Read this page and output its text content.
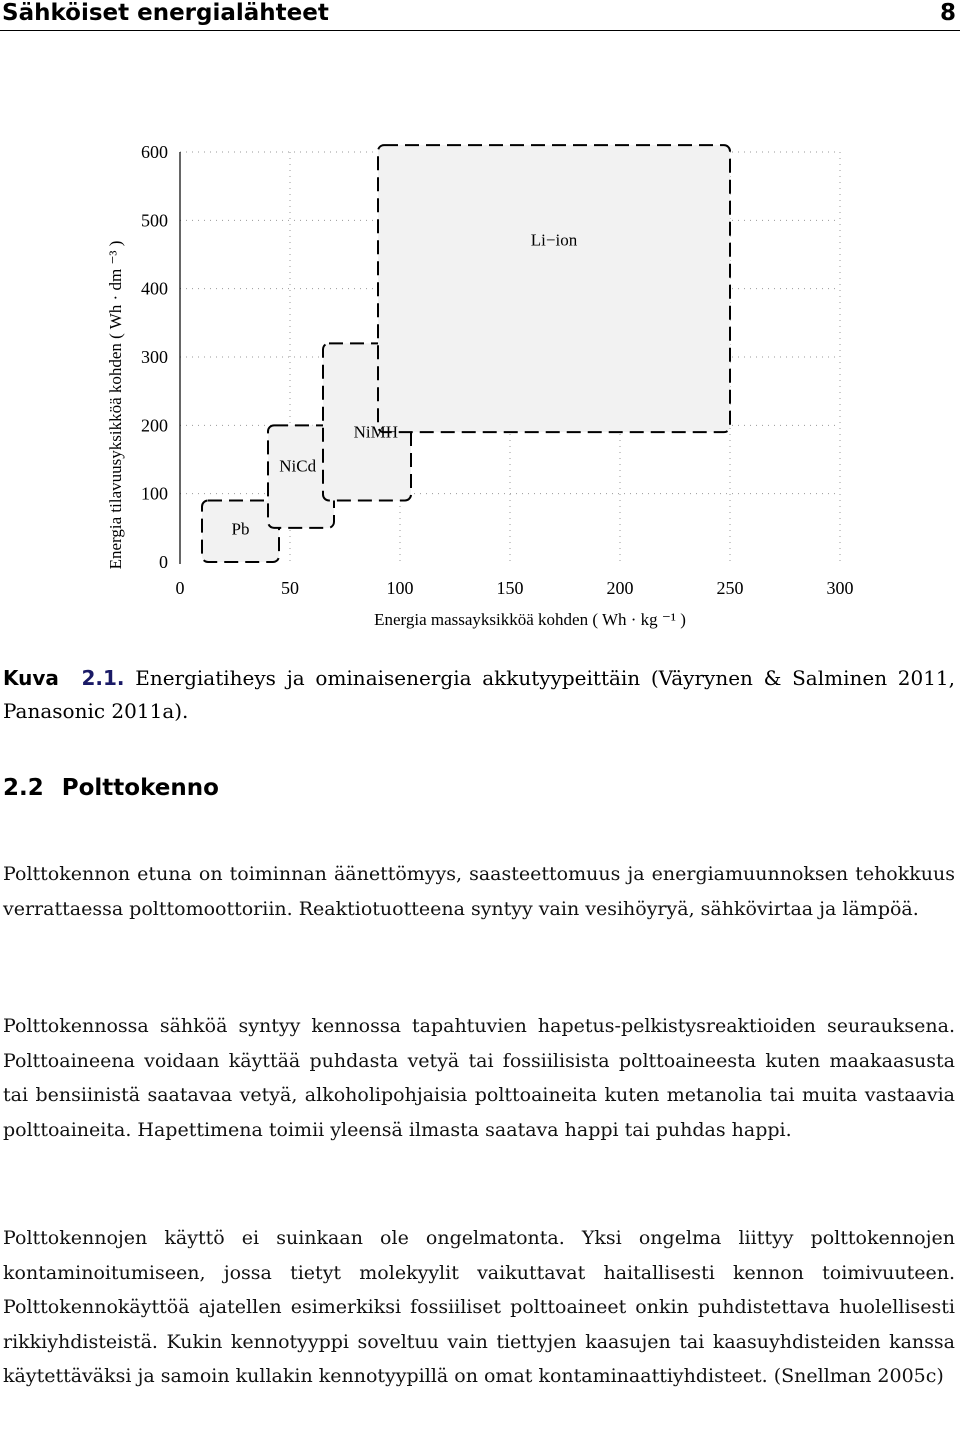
Sähköiset energialähteet	8
Pb
NiCd
NiMH
Li−ion
0	50	100	150	200	250	300
0
100
200
300
400
500
600
Energia massayksikköä kohden ( Wh · kg ⁻¹ )
Energia tilavuusyksikköä kohden ( Wh · dm ⁻³ )
Kuva 2.1. Energiatiheys ja ominaisenergia akkutyypeittäin (Väyrynen & Salminen 2011, Panasonic 2011a).
2.2 Polttokenno

Polttokennon etuna on toiminnan äänettömyys, saasteettomuus ja energiamuunnoksen tehokkuus verrattaessa polttomoottoriin. Reaktiotuotteena syntyy vain vesihöyryä, sähkövirtaa ja lämpöä.

Polttokennossa sähköä syntyy kennossa tapahtuvien hapetus-pelkistysreaktioiden seurauksena. Polttoaineena voidaan käyttää puhdasta vetyä tai fossiilisista polttoaineesta kuten maakaasusta tai bensiinistä saatavaa vetyä, alkoholipohjaisia polttoaineita kuten metanolia tai muita vastaavia polttoaineita. Hapettimena toimii yleensä ilmasta saatava happi tai puhdas happi.

Polttokennojen käyttö ei suinkaan ole ongelmatonta. Yksi ongelma liittyy polttokennojen kontaminoitumiseen, jossa tietyt molekyylit vaikuttavat haitallisesti kennon toimivuuteen. Polttokennokäyttöä ajatellen esimerkiksi fossiiliset polttoaineet onkin puhdistettava huolellisesti rikkiyhdisteistä. Kukin kennotyyppi soveltuu vain tiettyjen kaasujen tai kaasuyhdisteiden kanssa käytettäväksi ja samoin kullakin kennotyypillä on omat kontaminaattiyhdisteet. (Snellman 2005c)
